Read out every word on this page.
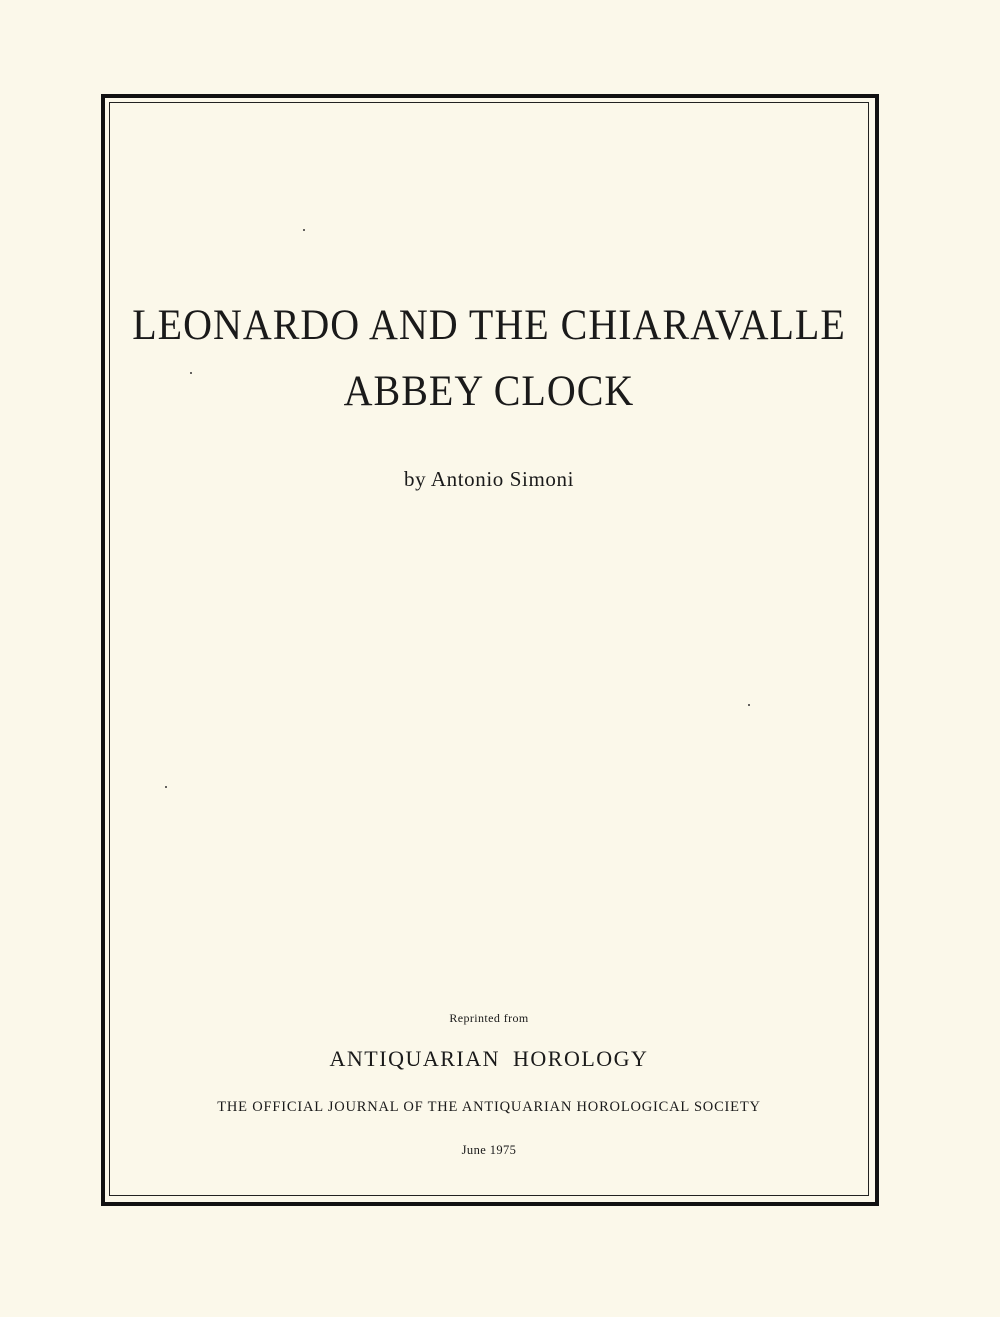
LEONARDO AND THE CHIARAVALLE
ABBEY CLOCK
by Antonio Simoni
Reprinted from
ANTIQUARIAN HOROLOGY
THE OFFICIAL JOURNAL OF THE ANTIQUARIAN HOROLOGICAL SOCIETY
June 1975
